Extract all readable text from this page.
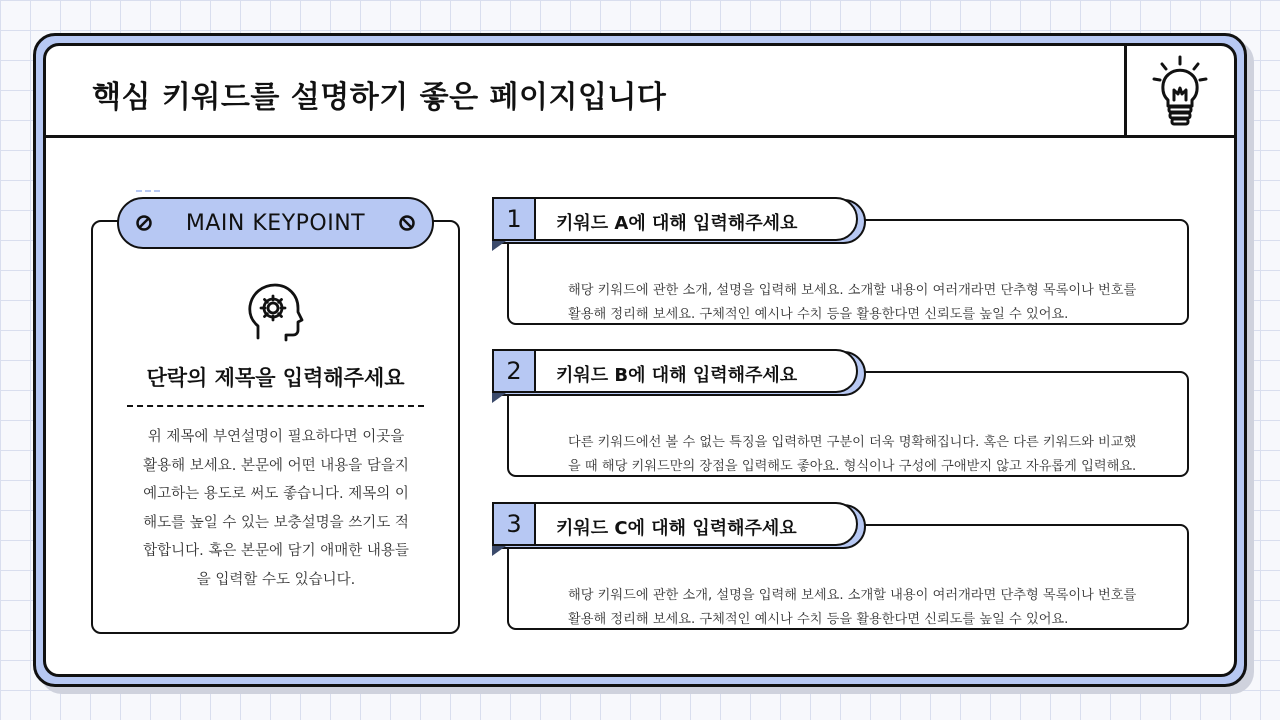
핵심 키워드를 설명하기 좋은 페이지입니다
MAIN KEYPOINT
단락의 제목을 입력해주세요
위 제목에 부연설명이 필요하다면 이곳을
활용해 보세요. 본문에 어떤 내용을 담을지
예고하는 용도로 써도 좋습니다. 제목의 이
해도를 높일 수 있는 보충설명을 쓰기도 적
합합니다. 혹은 본문에 담기 애매한 내용들
을 입력할 수도 있습니다.
해당 키워드에 관한 소개, 설명을 입력해 보세요. 소개할 내용이 여러개라면 단추형 목록이나 번호를
활용해 정리해 보세요. 구체적인 예시나 수치 등을 활용한다면 신뢰도를 높일 수 있어요.
키워드 A에 대해 입력해주세요
1
다른 키워드에선 볼 수 없는 특징을 입력하면 구분이 더욱 명확해집니다. 혹은 다른 키워드와 비교했
을 때 해당 키워드만의 장점을 입력해도 좋아요. 형식이나 구성에 구애받지 않고 자유롭게 입력해요.
키워드 B에 대해 입력해주세요
2
해당 키워드에 관한 소개, 설명을 입력해 보세요. 소개할 내용이 여러개라면 단추형 목록이나 번호를
활용해 정리해 보세요. 구체적인 예시나 수치 등을 활용한다면 신뢰도를 높일 수 있어요.
키워드 C에 대해 입력해주세요
3
